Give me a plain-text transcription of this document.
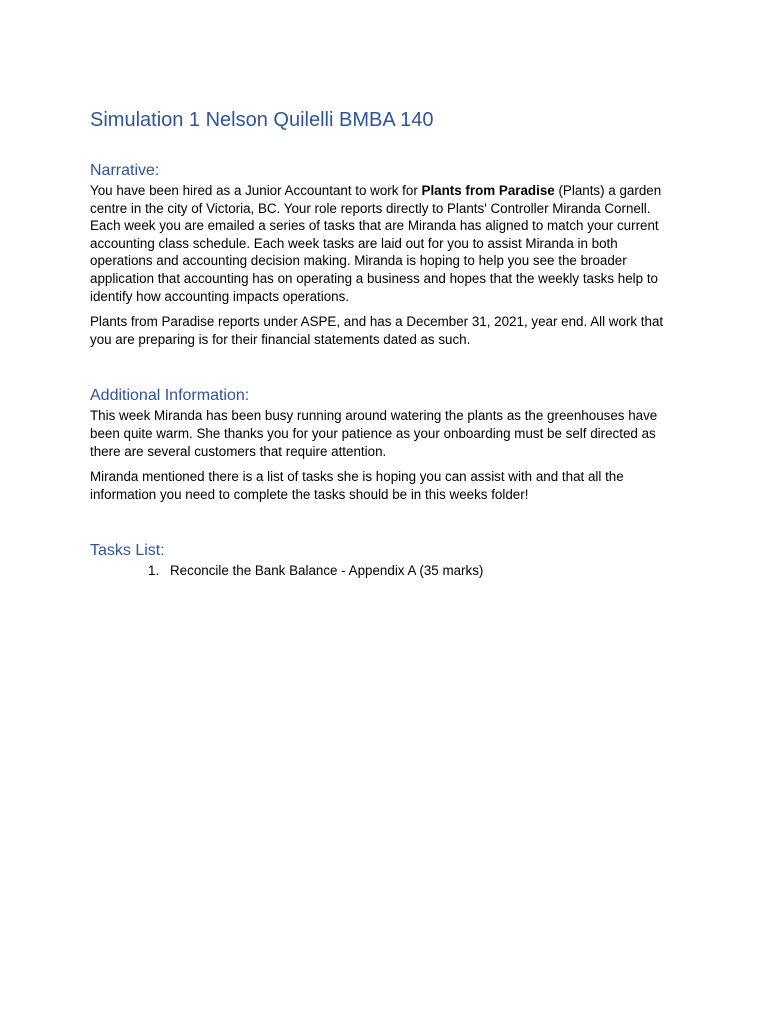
Simulation 1 Nelson Quilelli BMBA 140
Narrative:

You have been hired as a Junior Accountant to work for Plants from Paradise (Plants) a garden centre in the city of Victoria, BC. Your role reports directly to Plants' Controller Miranda Cornell. Each week you are emailed a series of tasks that are Miranda has aligned to match your current accounting class schedule. Each week tasks are laid out for you to assist Miranda in both operations and accounting decision making. Miranda is hoping to help you see the broader application that accounting has on operating a business and hopes that the weekly tasks help to identify how accounting impacts operations.

Plants from Paradise reports under ASPE, and has a December 31, 2021, year end. All work that you are preparing is for their financial statements dated as such.

Additional Information:

This week Miranda has been busy running around watering the plants as the greenhouses have been quite warm. She thanks you for your patience as your onboarding must be self directed as there are several customers that require attention.

Miranda mentioned there is a list of tasks she is hoping you can assist with and that all the information you need to complete the tasks should be in this weeks folder!

Tasks List:
1. Reconcile the Bank Balance - Appendix A (35 marks)
